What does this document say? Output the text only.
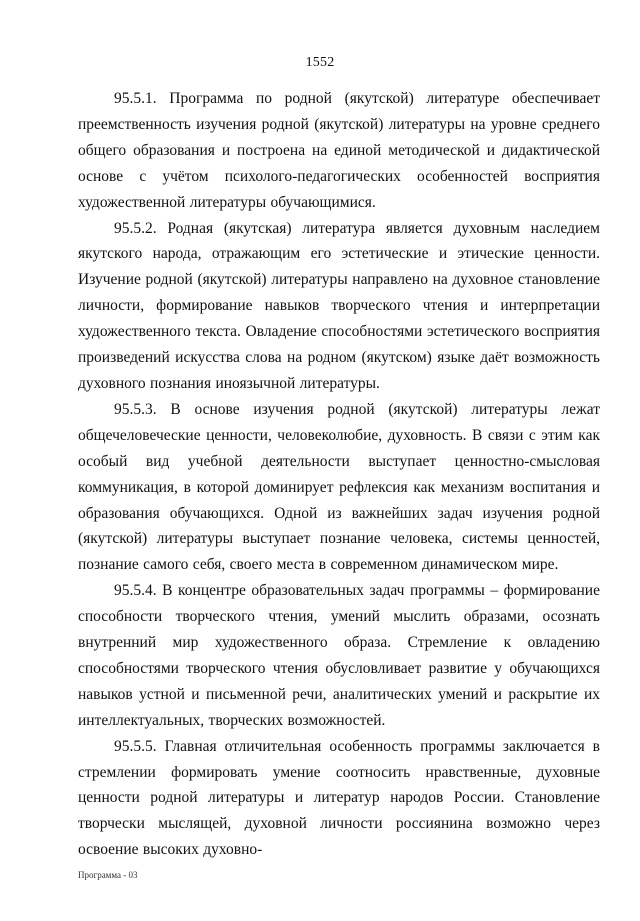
1552

95.5.1. Программа по родной (якутской) литературе обеспечивает преемственность изучения родной (якутской) литературы на уровне среднего общего образования и построена на единой методической и дидактической основе с учётом психолого-педагогических особенностей восприятия художественной литературы обучающимися.

95.5.2. Родная (якутская) литература является духовным наследием якутского народа, отражающим его эстетические и этические ценности. Изучение родной (якутской) литературы направлено на духовное становление личности, формирование навыков творческого чтения и интерпретации художественного текста. Овладение способностями эстетического восприятия произведений искусства слова на родном (якутском) языке даёт возможность духовного познания иноязычной литературы.

95.5.3. В основе изучения родной (якутской) литературы лежат общечеловеческие ценности, человеколюбие, духовность. В связи с этим как особый вид учебной деятельности выступает ценностно-смысловая коммуникация, в которой доминирует рефлексия как механизм воспитания и образования обучающихся. Одной из важнейших задач изучения родной (якутской) литературы выступает познание человека, системы ценностей, познание самого себя, своего места в современном динамическом мире.

95.5.4. В концентре образовательных задач программы – формирование способности творческого чтения, умений мыслить образами, осознать внутренний мир художественного образа. Стремление к овладению способностями творческого чтения обусловливает развитие у обучающихся навыков устной и письменной речи, аналитических умений и раскрытие их интеллектуальных, творческих возможностей.

95.5.5. Главная отличительная особенность программы заключается в стремлении формировать умение соотносить нравственные, духовные ценности родной литературы и литератур народов России. Становление творчески мыслящей, духовной личности россиянина возможно через освоение высоких духовно-

Программа - 03
